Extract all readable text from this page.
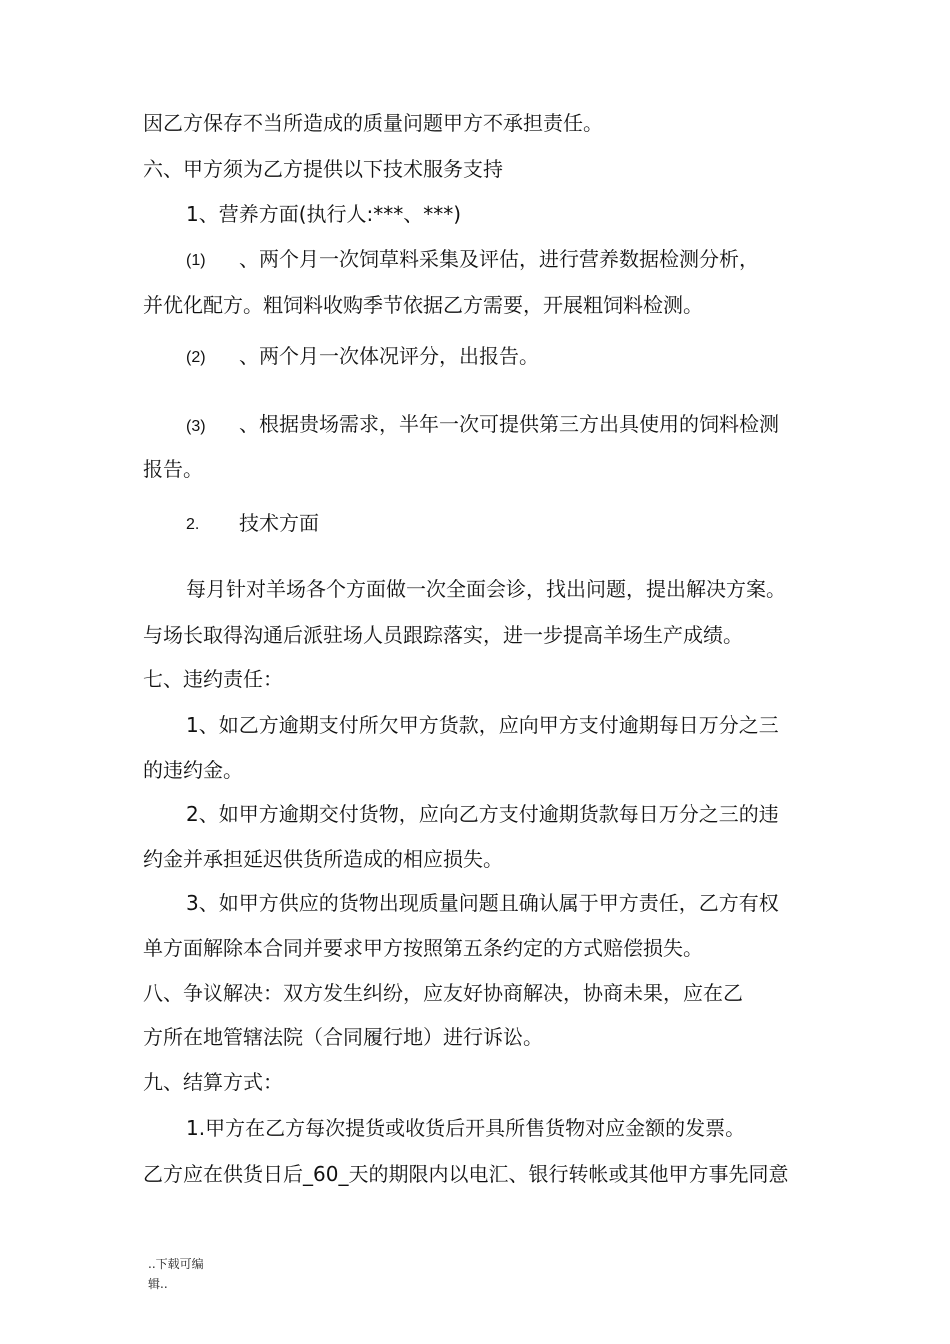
因乙方保存不当所造成的质量问题甲方不承担责任。
六、甲方须为乙方提供以下技术服务支持
1、营养方面(执行人:***、***)
(1) 、两个月一次饲草料采集及评估，进行营养数据检测分析，
并优化配方。粗饲料收购季节依据乙方需要，开展粗饲料检测。
(2) 、两个月一次体况评分，出报告。
(3) 、根据贵场需求，半年一次可提供第三方出具使用的饲料检测
报告。
2. 技术方面
每月针对羊场各个方面做一次全面会诊，找出问题，提出解决方案。
与场长取得沟通后派驻场人员跟踪落实，进一步提高羊场生产成绩。
七、违约责任：
1、如乙方逾期支付所欠甲方货款，应向甲方支付逾期每日万分之三
的违约金。
2、如甲方逾期交付货物，应向乙方支付逾期货款每日万分之三的违
约金并承担延迟供货所造成的相应损失。
3、如甲方供应的货物出现质量问题且确认属于甲方责任，乙方有权
单方面解除本合同并要求甲方按照第五条约定的方式赔偿损失。
八、争议解决：双方发生纠纷，应友好协商解决，协商未果，应在乙
方所在地管辖法院（合同履行地）进行诉讼。
九、结算方式：
1.甲方在乙方每次提货或收货后开具所售货物对应金额的发票。
乙方应在供货日后_60_天的期限内以电汇、银行转帐或其他甲方事先同意
..下载可编
辑..
